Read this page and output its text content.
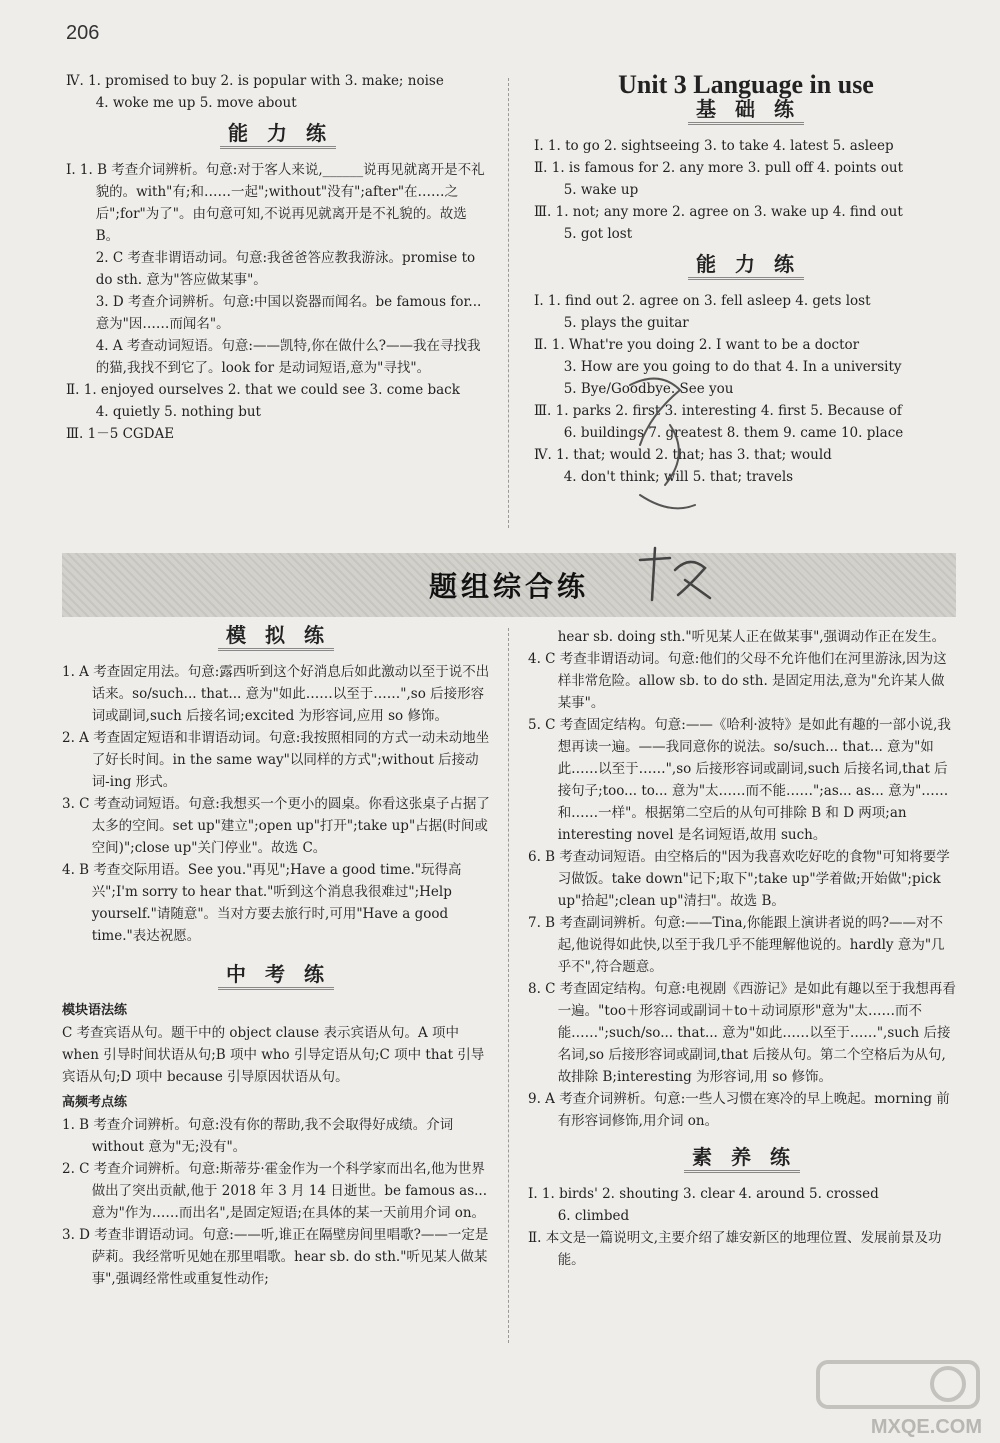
206

Ⅳ. 1. promised to buy 2. is popular with 3. make; noise

4. woke me up 5. move about

能 力 练

Ⅰ. 1. B 考查介词辨析。句意:对于客人来说,______说再见就离开是不礼貌的。with"有;和……一起";without"没有";after"在……之后";for"为了"。由句意可知,不说再见就离开是不礼貌的。故选 B。

2. C 考查非谓语动词。句意:我爸爸答应教我游泳。promise to do sth. 意为"答应做某事"。

3. D 考查介词辨析。句意:中国以瓷器而闻名。be famous for... 意为"因……而闻名"。

4. A 考查动词短语。句意:——凯特,你在做什么?——我在寻找我的猫,我找不到它了。look for 是动词短语,意为"寻找"。

Ⅱ. 1. enjoyed ourselves 2. that we could see 3. come back

4. quietly 5. nothing but

Ⅲ. 1－5 CGDAE

Unit 3 Language in use
基 础 练

Ⅰ. 1. to go 2. sightseeing 3. to take 4. latest 5. asleep

Ⅱ. 1. is famous for 2. any more 3. pull off 4. points out

5. wake up

Ⅲ. 1. not; any more 2. agree on 3. wake up 4. find out

5. got lost

能 力 练

Ⅰ. 1. find out 2. agree on 3. fell asleep 4. gets lost

5. plays the guitar

Ⅱ. 1. What're you doing 2. I want to be a doctor

3. How are you going to do that 4. In a university

5. Bye/Goodbye. See you

Ⅲ. 1. parks 2. first 3. interesting 4. first 5. Because of

6. buildings 7. greatest 8. them 9. came 10. place

Ⅳ. 1. that; would 2. that; has 3. that; would

4. don't think; will 5. that; travels

题组综合练
模 拟 练

1. A 考查固定用法。句意:露西听到这个好消息后如此激动以至于说不出话来。so/such... that... 意为"如此……以至于……",so 后接形容词或副词,such 后接名词;excited 为形容词,应用 so 修饰。

2. A 考查固定短语和非谓语动词。句意:我按照相同的方式一动未动地坐了好长时间。in the same way"以同样的方式";without 后接动词-ing 形式。

3. C 考查动词短语。句意:我想买一个更小的圆桌。你看这张桌子占据了太多的空间。set up"建立";open up"打开";take up"占据(时间或空间)";close up"关门停业"。故选 C。

4. B 考查交际用语。See you."再见";Have a good time."玩得高兴";I'm sorry to hear that."听到这个消息我很难过";Help yourself."请随意"。当对方要去旅行时,可用"Have a good time."表达祝愿。

中 考 练
模块语法练

C 考查宾语从句。题干中的 object clause 表示宾语从句。A 项中 when 引导时间状语从句;B 项中 who 引导定语从句;C 项中 that 引导宾语从句;D 项中 because 引导原因状语从句。

高频考点练

1. B 考查介词辨析。句意:没有你的帮助,我不会取得好成绩。介词 without 意为"无;没有"。

2. C 考查介词辨析。句意:斯蒂芬·霍金作为一个科学家而出名,他为世界做出了突出贡献,他于 2018 年 3 月 14 日逝世。be famous as... 意为"作为……而出名",是固定短语;在具体的某一天前用介词 on。

3. D 考查非谓语动词。句意:——听,谁正在隔壁房间里唱歌?——一定是萨莉。我经常听见她在那里唱歌。hear sb. do sth."听见某人做某事",强调经常性或重复性动作;

hear sb. doing sth."听见某人正在做某事",强调动作正在发生。

4. C 考查非谓语动词。句意:他们的父母不允许他们在河里游泳,因为这样非常危险。allow sb. to do sth. 是固定用法,意为"允许某人做某事"。

5. C 考查固定结构。句意:——《哈利·波特》是如此有趣的一部小说,我想再读一遍。——我同意你的说法。so/such... that... 意为"如此……以至于……",so 后接形容词或副词,such 后接名词,that 后接句子;too... to... 意为"太……而不能……";as... as... 意为"……和……一样"。根据第二空后的从句可排除 B 和 D 两项;an interesting novel 是名词短语,故用 such。

6. B 考查动词短语。由空格后的"因为我喜欢吃好吃的食物"可知将要学习做饭。take down"记下;取下";take up"学着做;开始做";pick up"拾起";clean up"清扫"。故选 B。

7. B 考查副词辨析。句意:——Tina,你能跟上演讲者说的吗?——对不起,他说得如此快,以至于我几乎不能理解他说的。hardly 意为"几乎不",符合题意。

8. C 考查固定结构。句意:电视剧《西游记》是如此有趣以至于我想再看一遍。"too＋形容词或副词＋to＋动词原形"意为"太……而不能……";such/so... that... 意为"如此……以至于……",such 后接名词,so 后接形容词或副词,that 后接从句。第二个空格后为从句,故排除 B;interesting 为形容词,用 so 修饰。

9. A 考查介词辨析。句意:一些人习惯在寒冷的早上晚起。morning 前有形容词修饰,用介词 on。

素 养 练

Ⅰ. 1. birds' 2. shouting 3. clear 4. around 5. crossed

6. climbed

Ⅱ. 本文是一篇说明文,主要介绍了雄安新区的地理位置、发展前景及功能。

MXQE.COM
